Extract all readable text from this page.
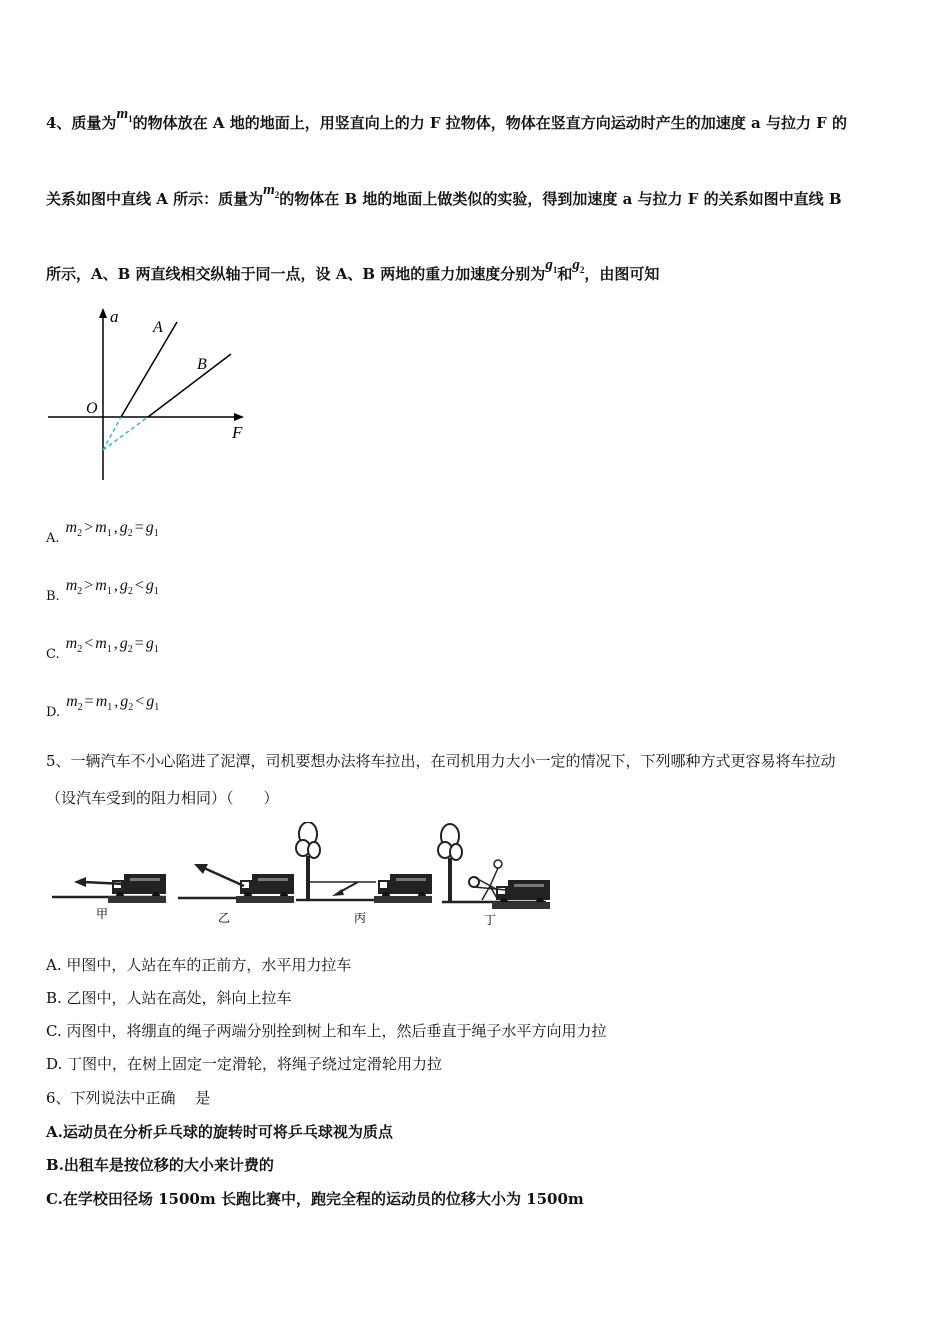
4、质量为$m_1$的物体放在 A 地的地面上，用竖直向上的力 F 拉物体，物体在竖直方向运动时产生的加速度 a 与拉力 F 的
关系如图中直线 A 所示：质量为$m_2$的物体在 B 地的地面上做类似的实验，得到加速度 a 与拉力 F 的关系如图中直线 B
所示，A、B 两直线相交纵轴于同一点，设 A、B 两地的重力加速度分别为$g_1$和$g_2$，由图可知
a
F
O
A
B
$A.m_2 > m_1$ , $g_2 = g_1$
$B.m_2 > m_1$ , $g_2 < g_1$
$C.m_2 < m_1$ , $g_2 = g_1$
$D.m_2 = m_1$ , $g_2 < g_1$
5、一辆汽车不小心陷进了泥潭，司机要想办法将车拉出，在司机用力大小一定的情况下，下列哪种方式更容易将车拉动
（设汽车受到的阻力相同）（　　）
甲	乙	丙	丁
A. 甲图中，人站在车的正前方，水平用力拉车
B. 乙图中，人站在高处，斜向上拉车
C. 丙图中，将绷直的绳子两端分别拴到树上和车上，然后垂直于绳子水平方向用力拉
D. 丁图中，在树上固定一定滑轮，将绳子绕过定滑轮用力拉
6、下列说法中正确　 是
A.运动员在分析乒乓球的旋转时可将乒乓球视为质点
B.出租车是按位移的大小来计费的
C.在学校田径场 1500m 长跑比赛中，跑完全程的运动员的位移大小为 1500m
